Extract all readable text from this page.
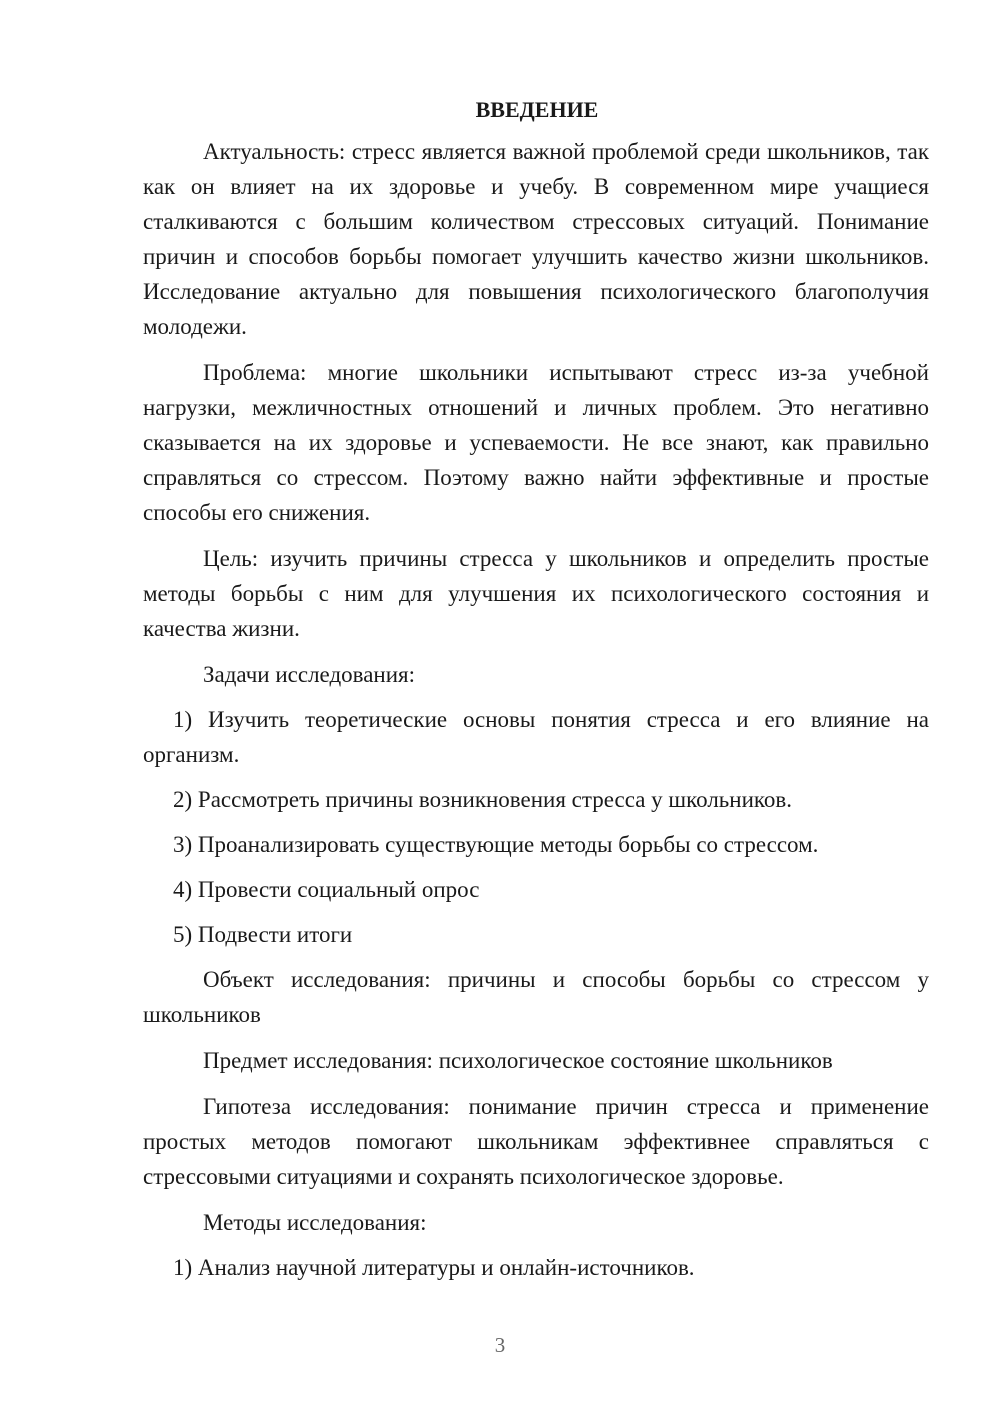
ВВЕДЕНИЕ

Актуальность: стресс является важной проблемой среди школьников, так как он влияет на их здоровье и учебу. В современном мире учащиеся сталкиваются с большим количеством стрессовых ситуаций. Понимание причин и способов борьбы помогает улучшить качество жизни школьников. Исследование актуально для повышения психологического благополучия молодежи.

Проблема: многие школьники испытывают стресс из-за учебной нагрузки, межличностных отношений и личных проблем. Это негативно сказывается на их здоровье и успеваемости. Не все знают, как правильно справляться со стрессом. Поэтому важно найти эффективные и простые способы его снижения.

Цель: изучить причины стресса у школьников и определить простые методы борьбы с ним для улучшения их психологического состояния и качества жизни.

Задачи исследования:

1) Изучить теоретические основы понятия стресса и его влияние на организм.

2) Рассмотреть причины возникновения стресса у школьников.

3) Проанализировать существующие методы борьбы со стрессом.

4) Провести социальный опрос

5) Подвести итоги

Объект исследования: причины и способы борьбы со стрессом у школьников

Предмет исследования: психологическое состояние школьников

Гипотеза исследования: понимание причин стресса и применение простых методов помогают школьникам эффективнее справляться с стрессовыми ситуациями и сохранять психологическое здоровье.

Методы исследования:

1) Анализ научной литературы и онлайн-источников.

3
